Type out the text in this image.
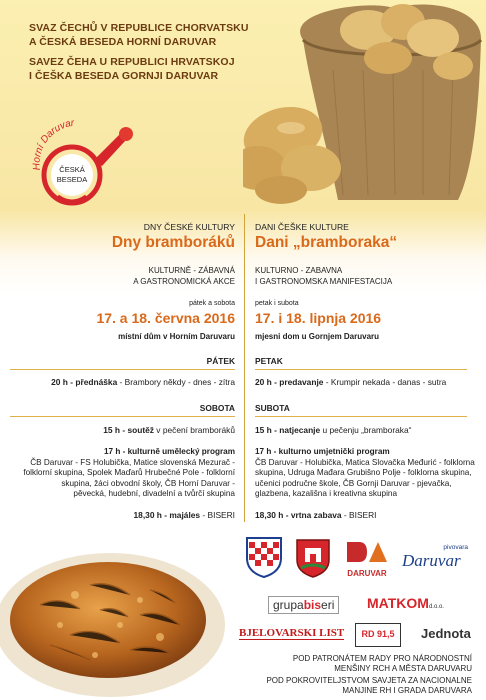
SVAZ ČECHŮ V REPUBLICE CHORVATSKU
A ČESKÁ BESEDA HORNÍ DARUVAR
SAVEZ ČEHA U REPUBLICI HRVATSKOJ
I ČEŠKA BESEDA GORNJI DARUVAR
Horní Daruvar
ČESKÁ
BESEDA
DNY ČESKÉ KULTURY
Dny bramboráků
KULTURNĚ - ZÁBAVNÁ
A GASTRONOMICKÁ AKCE
pátek a sobota
17. a 18. června 2016
místní dům v Horním Daruvaru
PÁTEK
20 h - přednáška - Brambory někdy - dnes - zítra
SOBOTA
15 h - soutěž v pečení bramboráků
17 h - kulturně umělecký program
ČB Daruvar - FS Holubička, Matice slovenská Mezurač -
folklorní skupina, Spolek Maďarů Hrubečné Pole - folklorní
skupina, žáci obvodní školy, ČB Horní Daruvar -
pěvecká, hudební, divadelní a tvůrčí skupina
18,30 h - majáles - BISERI
DANI ČEŠKE KULTURE
Dani „bramboraka“
KULTURNO - ZABAVNA
I GASTRONOMSKA MANIFESTACIJA
petak i subota
17. i 18. lipnja 2016
mjesni dom u Gornjem Daruvaru
PETAK
20 h - predavanje - Krumpir nekada - danas - sutra
SUBOTA
15 h - natjecanje u pečenju „bramboraka“
17 h - kulturno umjetnički program
ČB Daruvar - Holubička, Matica Slovačka Međurić - folklorna
skupina, Udruga Mađara Grubišno Polje - folklorna skupina,
učenici područne škole, ČB Gornji Daruvar - pjevačka,
glazbena, kazališna i kreativna skupina
18,30 h - vrtna zabava - BISERI
DARUVAR
pivovara
Daruvar
grupabiseri	MATKOMd.o.o.
BJELOVARSKI LIST	RD 91,5	Jednota
POD PATRONÁTEM RADY PRO NÁRODNOSTNÍ
MENŠINY RCH A MĚSTA DARUVARU
POD POKROVITELJSTVOM SAVJETA ZA NACIONALNE
MANJINE RH I GRADA DARUVARA
